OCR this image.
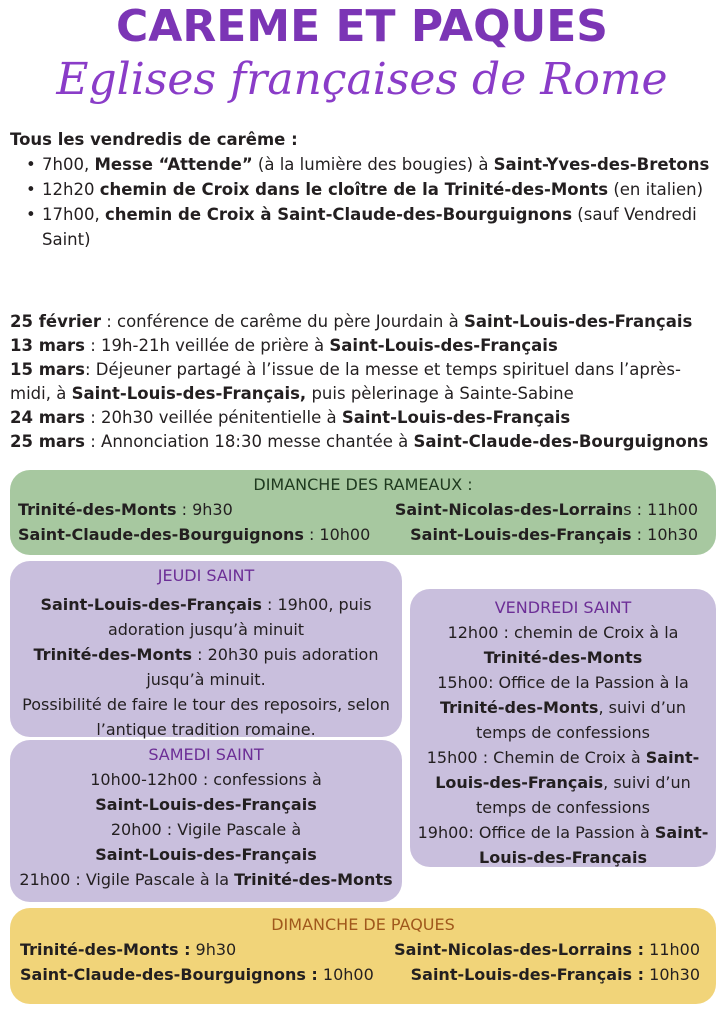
CAREME ET PAQUES
Eglises françaises de Rome
Tous les vendredis de carême :
• 7h00, Messe “Attende” (à la lumière des bougies) à Saint-Yves-des-Bretons
• 12h20 chemin de Croix dans le cloître de la Trinité-des-Monts (en italien)
• 17h00, chemin de Croix à Saint-Claude-des-Bourguignons (sauf Vendredi Saint)
25 février : conférence de carême du père Jourdain à Saint-Louis-des-Français
13 mars : 19h-21h veillée de prière à Saint-Louis-des-Français
15 mars: Déjeuner partagé à l’issue de la messe et temps spirituel dans l’après-midi, à Saint-Louis-des-Français, puis pèlerinage à Sainte-Sabine
24 mars : 20h30 veillée pénitentielle à Saint-Louis-des-Français
25 mars : Annonciation 18:30 messe chantée à Saint-Claude-des-Bourguignons
DIMANCHE DES RAMEAUX :
Trinité-des-Monts : 9h30	Saint-Nicolas-des-Lorrains : 11h00
Saint-Claude-des-Bourguignons : 10h00 Saint-Louis-des-Français : 10h30
JEUDI SAINT
Saint-Louis-des-Français : 19h00, puis adoration jusqu’à minuit
Trinité-des-Monts : 20h30 puis adoration jusqu’à minuit.
Possibilité de faire le tour des reposoirs, selon l’antique tradition romaine.
SAMEDI SAINT
10h00-12h00 : confessions à
Saint-Louis-des-Français
20h00 : Vigile Pascale à
Saint-Louis-des-Français
21h00 : Vigile Pascale à la Trinité-des-Monts
VENDREDI SAINT
12h00 : chemin de Croix à la
Trinité-des-Monts
15h00: Office de la Passion à la
Trinité-des-Monts, suivi d’un temps de confessions
15h00 : Chemin de Croix à Saint-Louis-des-Français, suivi d’un temps de confessions
19h00: Office de la Passion à Saint-Louis-des-Français
DIMANCHE DE PAQUES
Trinité-des-Monts : 9h30	Saint-Nicolas-des-Lorrains : 11h00
Saint-Claude-des-Bourguignons : 10h00 Saint-Louis-des-Français : 10h30
